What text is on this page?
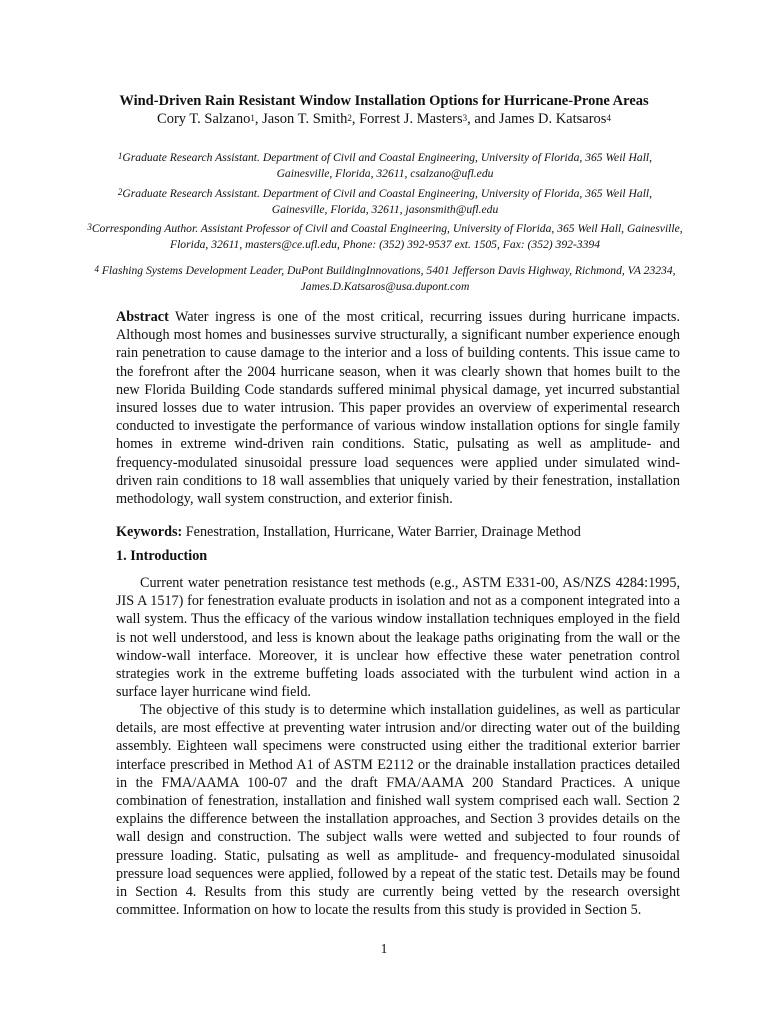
Wind-Driven Rain Resistant Window Installation Options for Hurricane-Prone Areas
Cory T. Salzano$^1$, Jason T. Smith$^2$, Forrest J. Masters$^3$, and James D. Katsaros$^4$
$^1$Graduate Research Assistant. Department of Civil and Coastal Engineering, University of Florida, 365 Weil Hall, Gainesville, Florida, 32611, csalzano@ufl.edu
$^2$Graduate Research Assistant. Department of Civil and Coastal Engineering, University of Florida, 365 Weil Hall, Gainesville, Florida, 32611, jasonsmith@ufl.edu
$^3$Corresponding Author. Assistant Professor of Civil and Coastal Engineering, University of Florida, 365 Weil Hall, Gainesville, Florida, 32611, masters@ce.ufl.edu, Phone: (352) 392-9537 ext. 1505, Fax: (352) 392-3394
$^4$ Flashing Systems Development Leader, DuPont BuildingInnovations, 5401 Jefferson Davis Highway, Richmond, VA 23234, James.D.Katsaros@usa.dupont.com
Abstract Water ingress is one of the most critical, recurring issues during hurricane impacts. Although most homes and businesses survive structurally, a significant number experience enough rain penetration to cause damage to the interior and a loss of building contents. This issue came to the forefront after the 2004 hurricane season, when it was clearly shown that homes built to the new Florida Building Code standards suffered minimal physical damage, yet incurred substantial insured losses due to water intrusion. This paper provides an overview of experimental research conducted to investigate the performance of various window installation options for single family homes in extreme wind-driven rain conditions. Static, pulsating as well as amplitude- and frequency-modulated sinusoidal pressure load sequences were applied under simulated wind-driven rain conditions to 18 wall assemblies that uniquely varied by their fenestration, installation methodology, wall system construction, and exterior finish.
Keywords: Fenestration, Installation, Hurricane, Water Barrier, Drainage Method
1. Introduction
Current water penetration resistance test methods (e.g., ASTM E331-00, AS/NZS 4284:1995, JIS A 1517) for fenestration evaluate products in isolation and not as a component integrated into a wall system. Thus the efficacy of the various window installation techniques employed in the field is not well understood, and less is known about the leakage paths originating from the wall or the window-wall interface. Moreover, it is unclear how effective these water penetration control strategies work in the extreme buffeting loads associated with the turbulent wind action in a surface layer hurricane wind field.
The objective of this study is to determine which installation guidelines, as well as particular details, are most effective at preventing water intrusion and/or directing water out of the building assembly. Eighteen wall specimens were constructed using either the traditional exterior barrier interface prescribed in Method A1 of ASTM E2112 or the drainable installation practices detailed in the FMA/AAMA 100-07 and the draft FMA/AAMA 200 Standard Practices. A unique combination of fenestration, installation and finished wall system comprised each wall. Section 2 explains the difference between the installation approaches, and Section 3 provides details on the wall design and construction. The subject walls were wetted and subjected to four rounds of pressure loading. Static, pulsating as well as amplitude- and frequency-modulated sinusoidal pressure load sequences were applied, followed by a repeat of the static test. Details may be found in Section 4. Results from this study are currently being vetted by the research oversight committee. Information on how to locate the results from this study is provided in Section 5.
1
